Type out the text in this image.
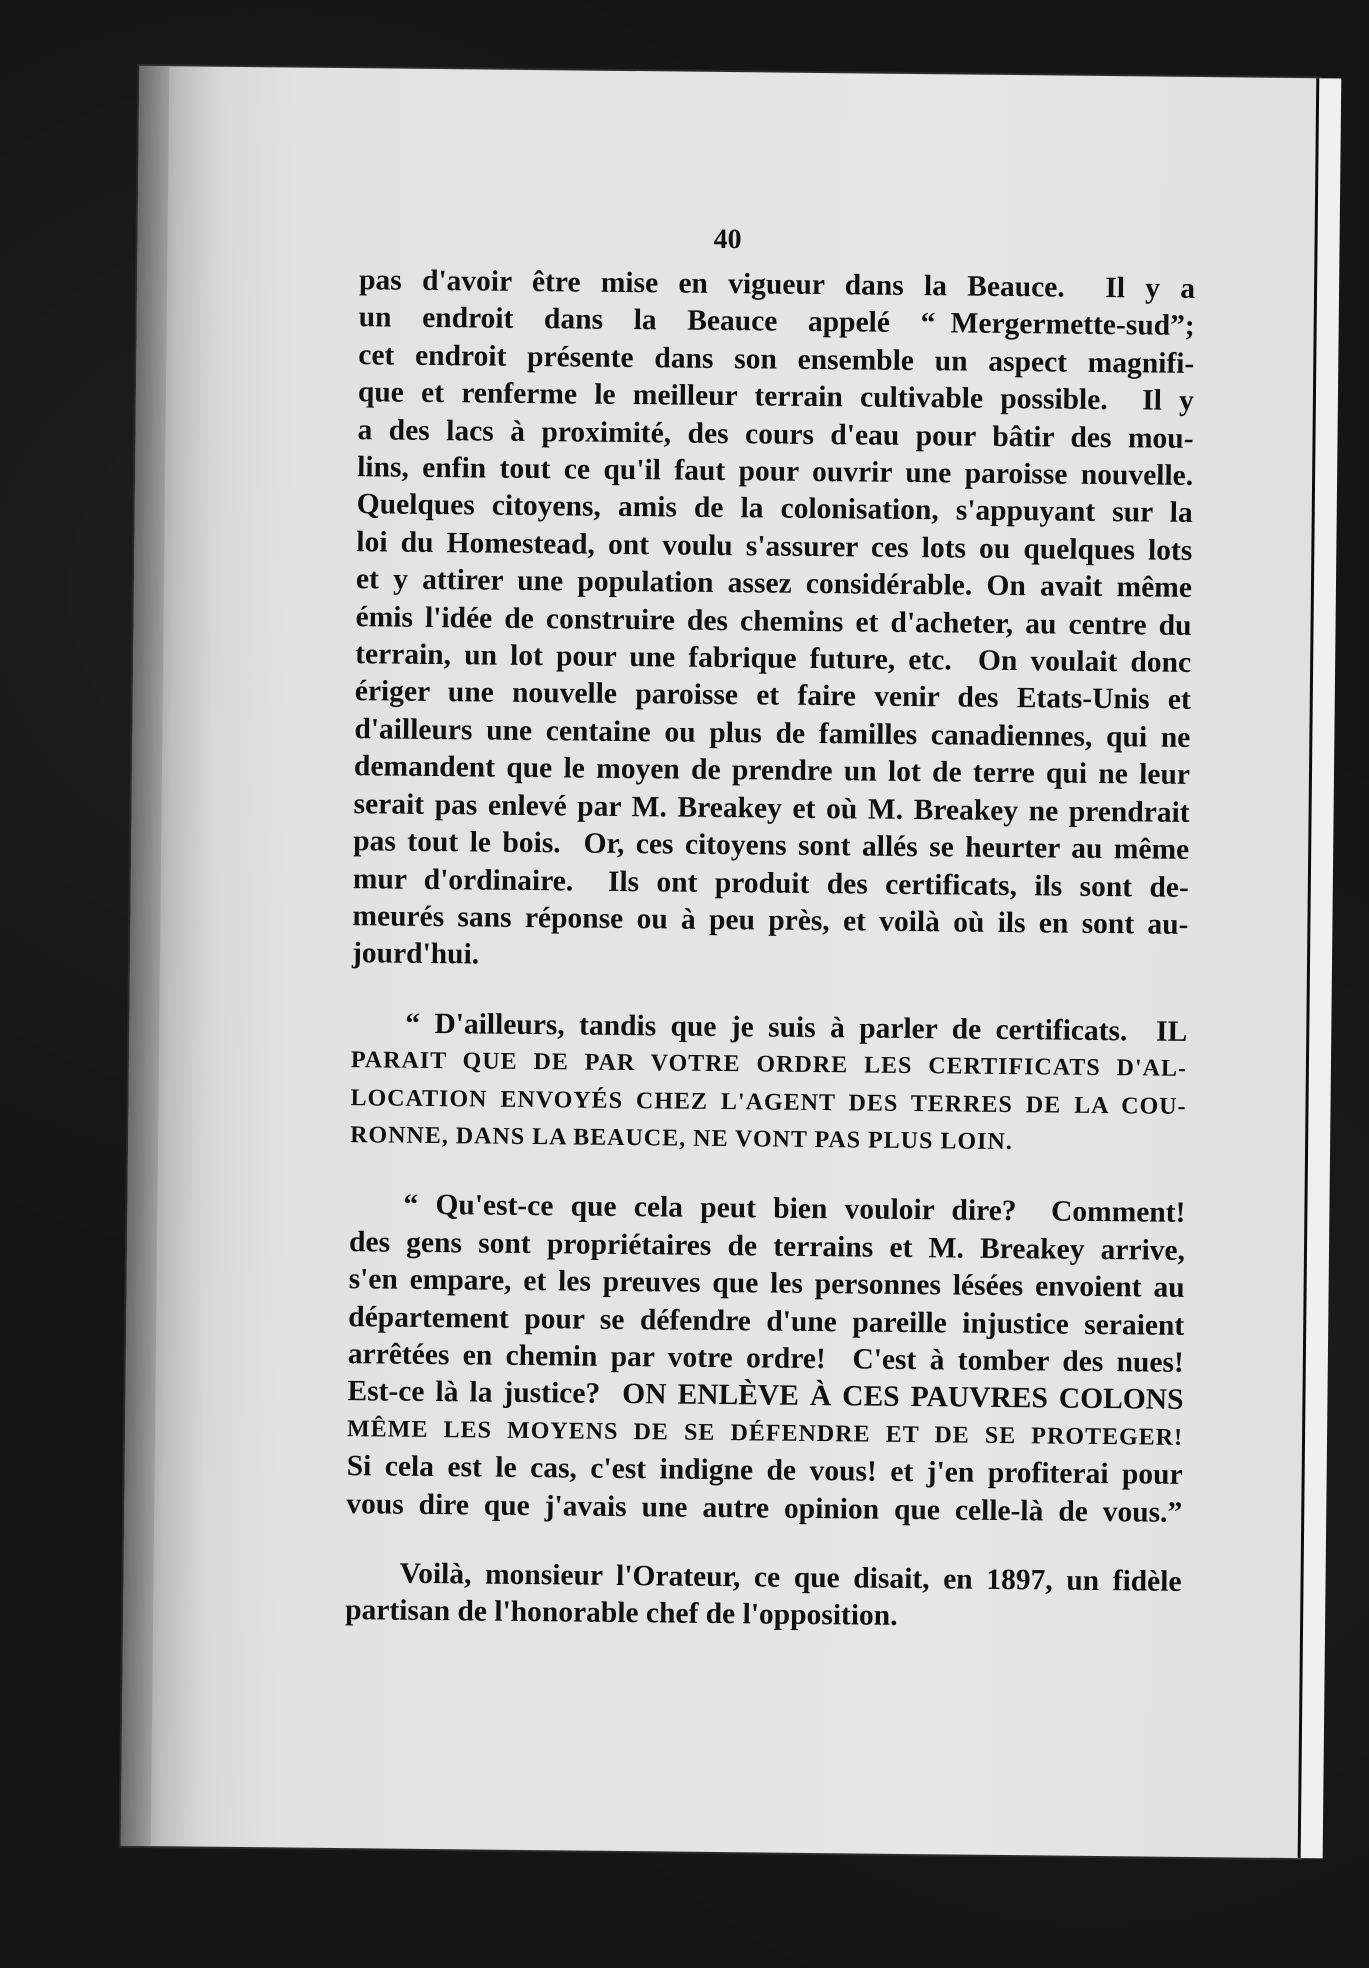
40
pas d'avoir être mise en vigueur dans la Beauce.  Il y a
un  endroit  dans  la  Beauce  appelé  “ Mergermette-sud”;
cet endroit présente dans son ensemble un aspect magnifi-
que et renferme le meilleur terrain cultivable possible.  Il y
a des lacs à proximité, des cours d'eau pour bâtir des mou-
lins, enfin tout ce qu'il faut pour ouvrir une paroisse nouvelle.
Quelques citoyens, amis de la colonisation, s'appuyant sur la
loi du Homestead, ont voulu s'assurer ces lots ou quelques lots
et y attirer une population assez considérable. On avait même
émis l'idée de construire des chemins et d'acheter, au centre du
terrain, un lot pour une fabrique future, etc.  On voulait donc
ériger une nouvelle paroisse et faire venir des Etats-Unis et
d'ailleurs une centaine ou plus de familles canadiennes, qui ne
demandent que le moyen de prendre un lot de terre qui ne leur
serait pas enlevé par M. Breakey et où M. Breakey ne prendrait
pas tout le bois.  Or, ces citoyens sont allés se heurter au même
mur d'ordinaire.  Ils ont produit des certificats, ils sont de-
meurés sans réponse ou à peu près, et voilà où ils en sont au-
jourd'hui.
“ D'ailleurs, tandis que je suis à parler de certificats.  IL
PARAIT QUE DE PAR VOTRE ORDRE LES CERTIFICATS D'AL-
LOCATION ENVOYÉS CHEZ L'AGENT DES TERRES DE LA COU-
RONNE, DANS LA BEAUCE, NE VONT PAS PLUS LOIN.
“ Qu'est-ce que cela peut bien vouloir dire?  Comment!
des gens sont propriétaires de terrains et M. Breakey arrive,
s'en empare, et les preuves que les personnes lésées envoient au
département pour se défendre d'une pareille injustice seraient
arrêtées en chemin par votre ordre!  C'est à tomber des nues!
Est-ce là la justice?  ON ENLÈVE À CES PAUVRES COLONS
MÊME LES MOYENS DE SE DÉFENDRE ET DE SE PROTEGER!
Si cela est le cas, c'est indigne de vous! et j'en profiterai pour
vous dire que j'avais une autre opinion que celle-là de vous.”
Voilà, monsieur l'Orateur, ce que disait, en 1897, un fidèle
partisan de l'honorable chef de l'opposition.
